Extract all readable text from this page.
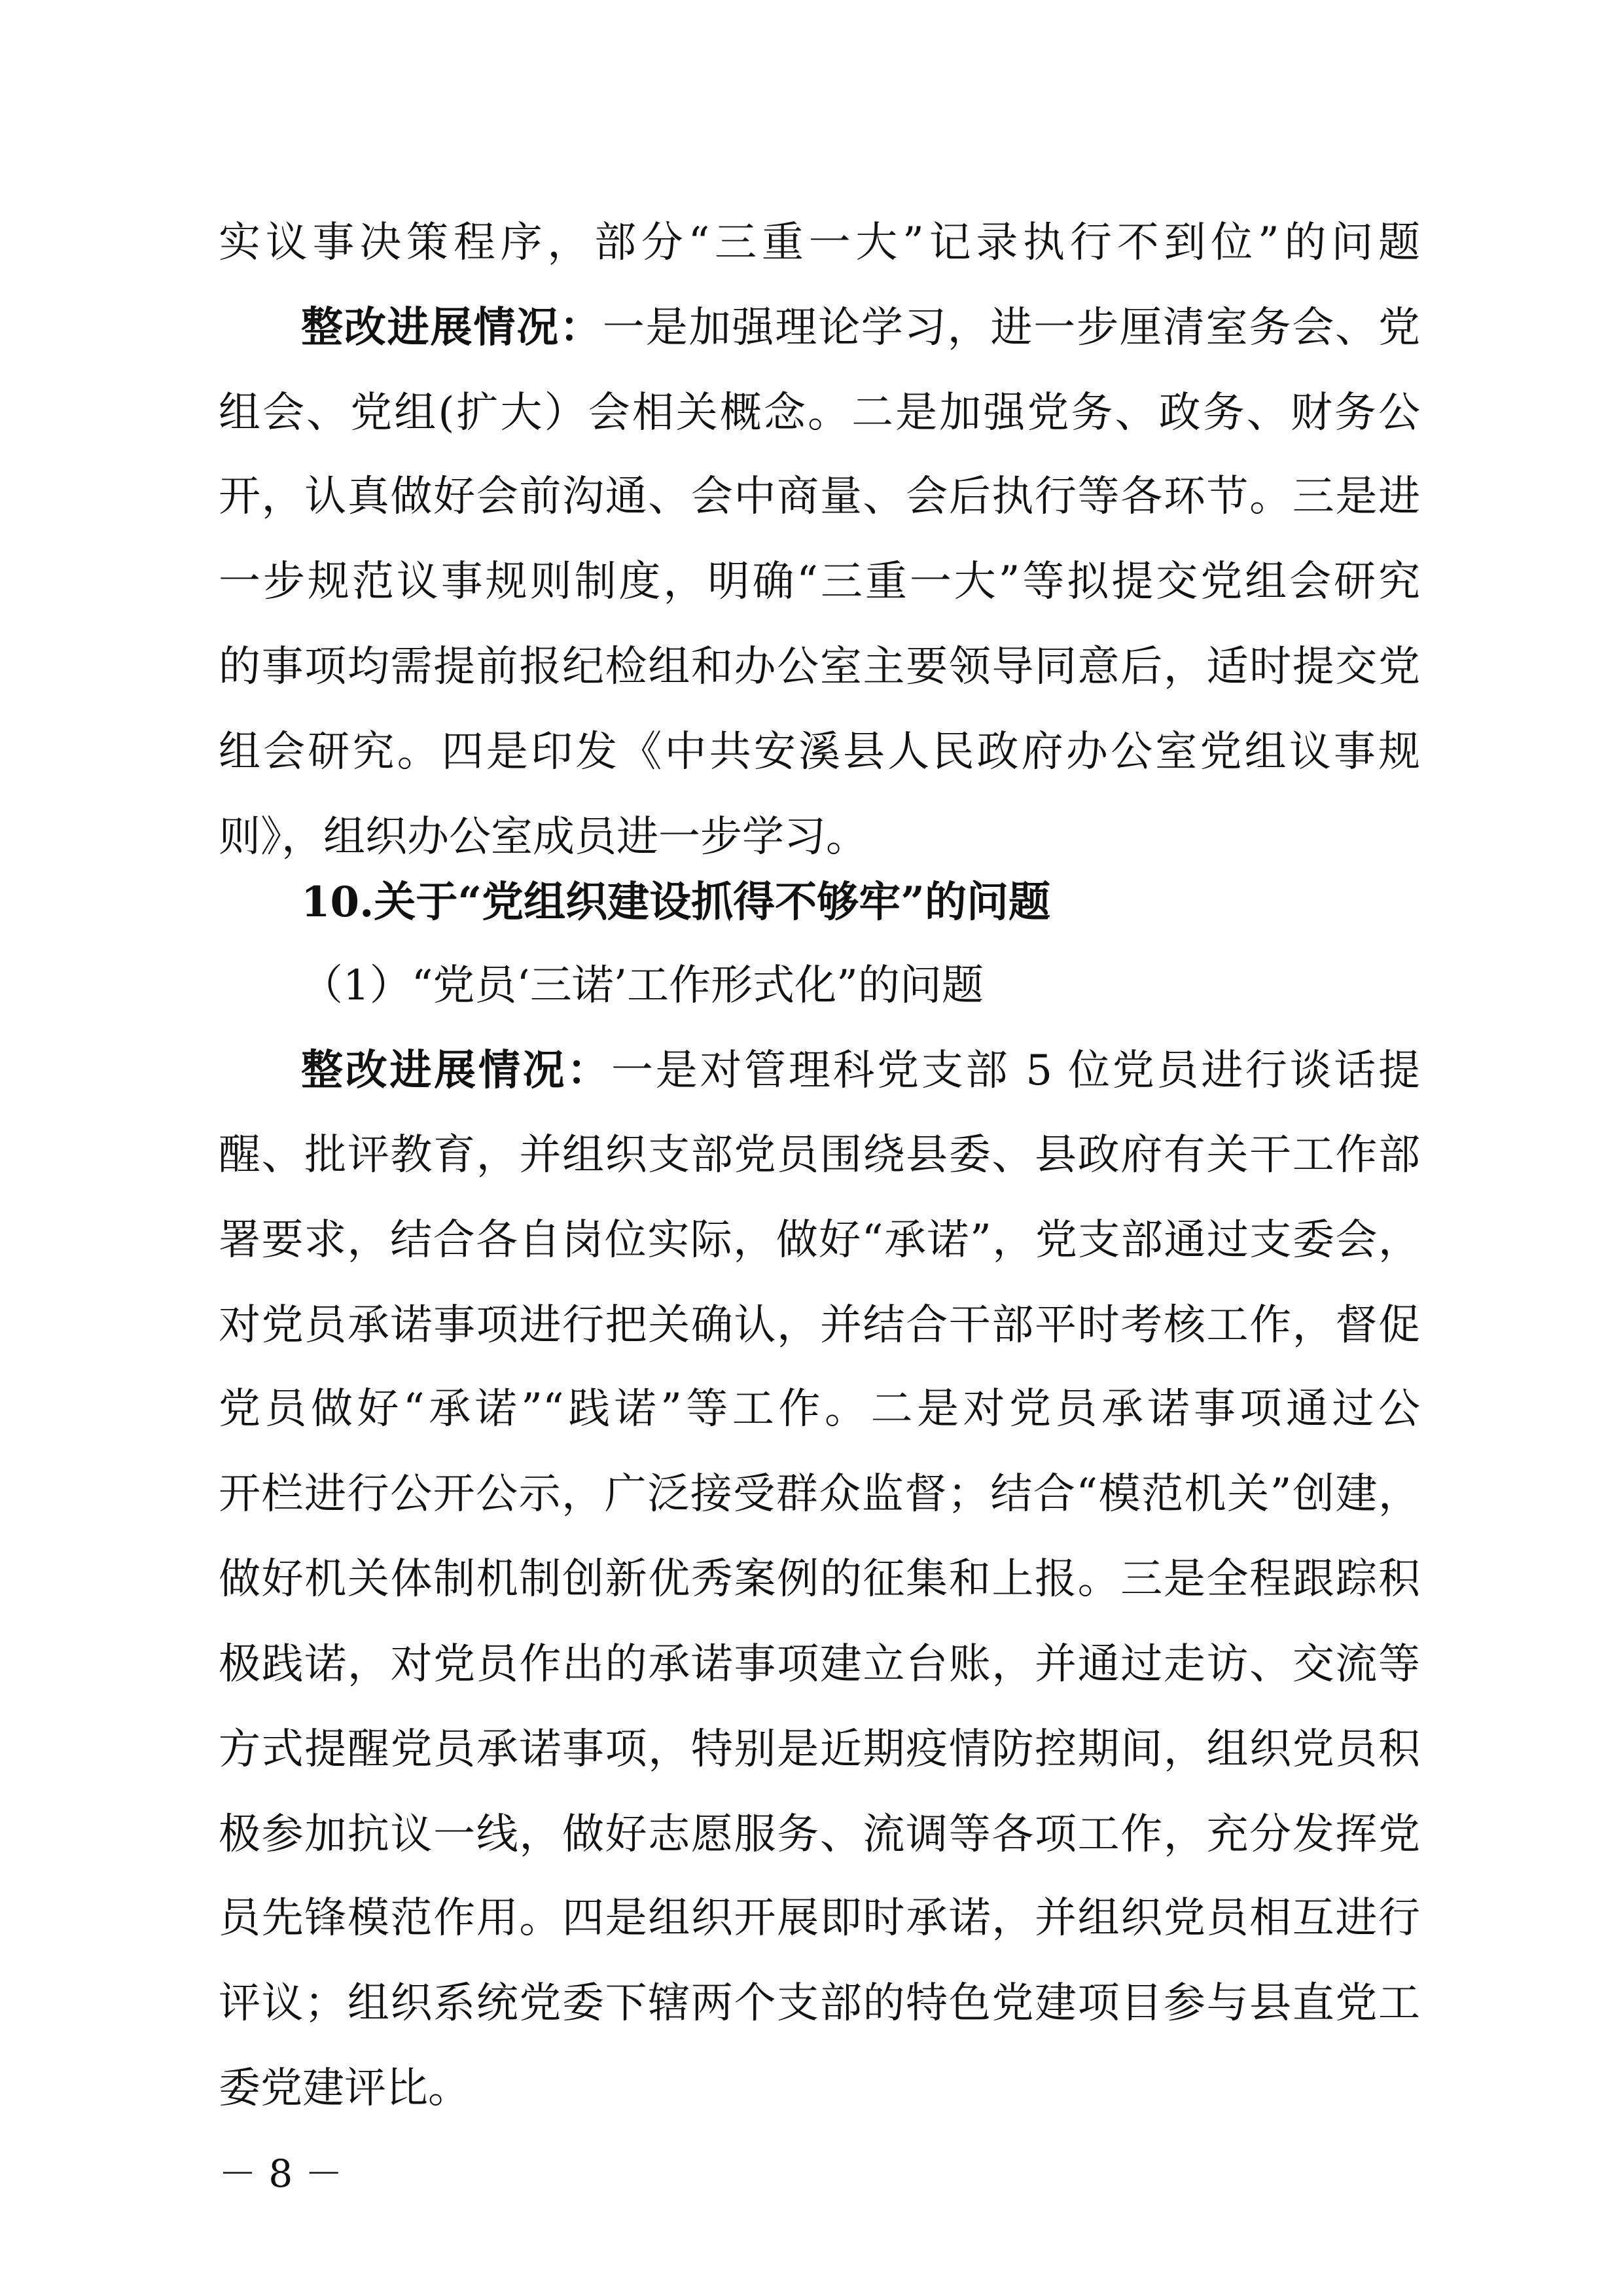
实议事决策程序，部分“三重一大”记录执行不到位”的问题
整改进展情况：一是加强理论学习，进一步厘清室务会、党
组会、党组(扩大）会相关概念。二是加强党务、政务、财务公
开，认真做好会前沟通、会中商量、会后执行等各环节。三是进
一步规范议事规则制度，明确“三重一大”等拟提交党组会研究
的事项均需提前报纪检组和办公室主要领导同意后，适时提交党
组会研究。四是印发《中共安溪县人民政府办公室党组议事规
则》，组织办公室成员进一步学习。
10.关于“党组织建设抓得不够牢”的问题
（1）“党员‘三诺’工作形式化”的问题
整改进展情况：一是对管理科党支部 5 位党员进行谈话提
醒、批评教育，并组织支部党员围绕县委、县政府有关干工作部
署要求，结合各自岗位实际，做好“承诺”，党支部通过支委会，
对党员承诺事项进行把关确认，并结合干部平时考核工作，督促
党员做好“承诺”“践诺”等工作。二是对党员承诺事项通过公
开栏进行公开公示，广泛接受群众监督；结合“模范机关”创建，
做好机关体制机制创新优秀案例的征集和上报。三是全程跟踪积
极践诺，对党员作出的承诺事项建立台账，并通过走访、交流等
方式提醒党员承诺事项，特别是近期疫情防控期间，组织党员积
极参加抗议一线，做好志愿服务、流调等各项工作，充分发挥党
员先锋模范作用。四是组织开展即时承诺，并组织党员相互进行
评议；组织系统党委下辖两个支部的特色党建项目参与县直党工
委党建评比。
－ 8 －
